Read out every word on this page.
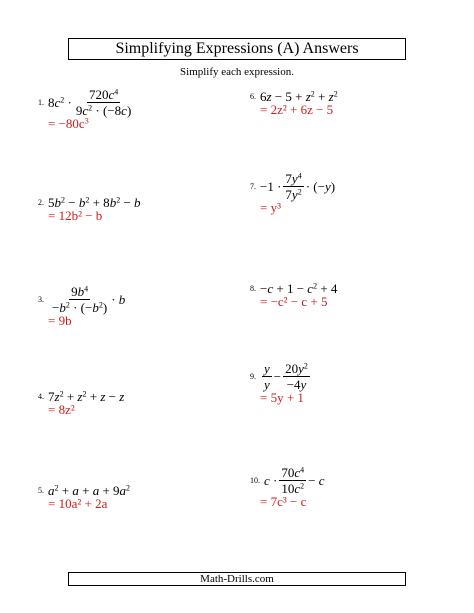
Simplifying Expressions (A) Answers
Simplify each expression.
1. $8c^2 \cdot \frac{720c^4}{9c^2 \cdot (-8c)}$
= $-80c^3$
2. $5b^2 - b^2 + 8b^2 - b$
= 12b² − b
3. $\frac{9b^4}{-b^2 \cdot (-b^2)} \cdot b$
= 9b
4. $7z^2 + z^2 + z - z$
= 8z²
5. $a^2 + a + a + 9a^2$
= 10a² + 2a
6. $6z - 5 + z^2 + z^2$
= 2z² + 6z − 5
7. $-1 \cdot \frac{7y^4}{7y^2} \cdot (-y)$
= y³
8. $-c + 1 - c^2 + 4$
= −c² − c + 5
9. $\frac{y}{y} - \frac{20y^2}{-4y}$
= 5y + 1
10. $c \cdot \frac{70c^4}{10c^2} - c$
= 7c³ − c
Math-Drills.com
